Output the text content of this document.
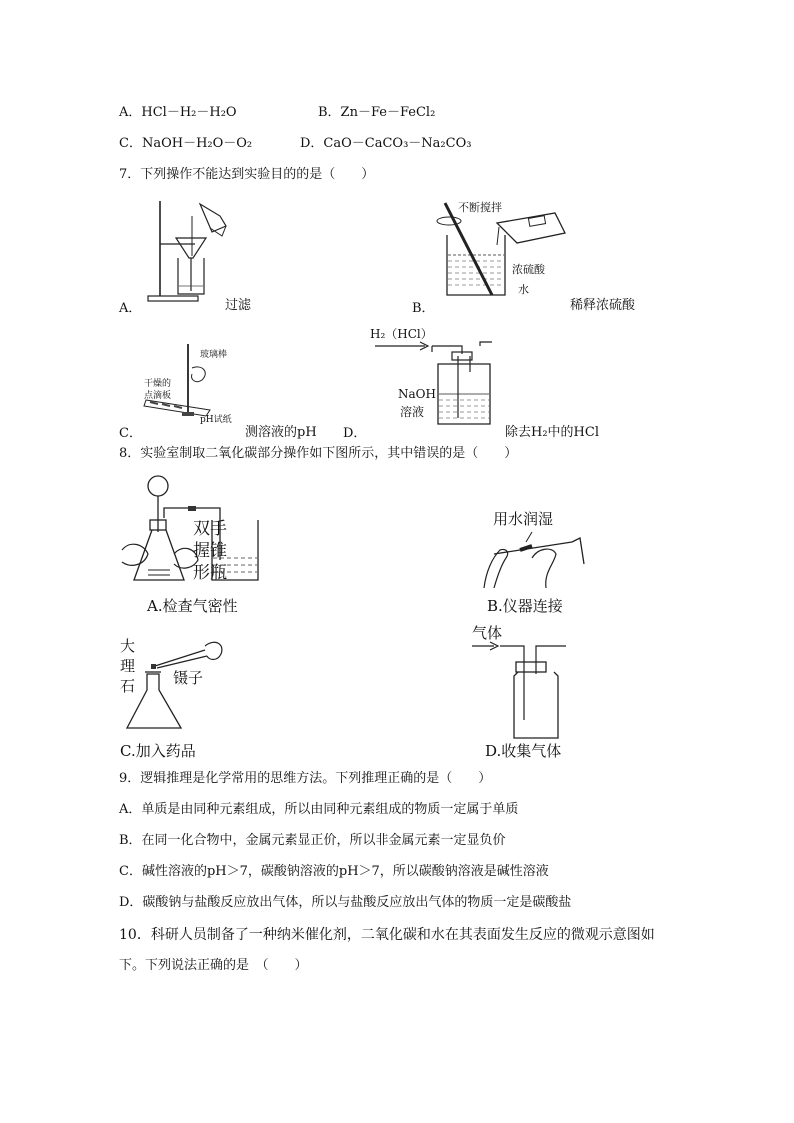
A．HCl－H₂－H₂O	B．Zn－Fe－FeCl₂
C．NaOH－H₂O－O₂	D．CaO－CaCO₃－Na₂CO₃
7．下列操作不能达到实验目的的是（　　）
A．	过滤
不断搅拌
浓硫酸
水
B．	稀释浓硫酸
玻璃棒
干燥的
点滴板
pH试纸
C．	测溶液的pH
H₂（HCl）
NaOH
溶液
D．	除去H₂中的HCl
8．实验室制取二氧化碳部分操作如下图所示，其中错误的是（　　）
双手
握锥
形瓶
A.检查气密性
用水润湿
B.仪器连接
大
理
石	镊子
C.加入药品
气体
D.收集气体
9．逻辑推理是化学常用的思维方法。下列推理正确的是（　　）
A．单质是由同种元素组成，所以由同种元素组成的物质一定属于单质
B．在同一化合物中，金属元素显正价，所以非金属元素一定显负价
C．碱性溶液的pH＞7，碳酸钠溶液的pH＞7，所以碳酸钠溶液是碱性溶液
D．碳酸钠与盐酸反应放出气体，所以与盐酸反应放出气体的物质一定是碳酸盐
10．科研人员制备了一种纳米催化剂，二氧化碳和水在其表面发生反应的微观示意图如
下。下列说法正确的是　（　　）
